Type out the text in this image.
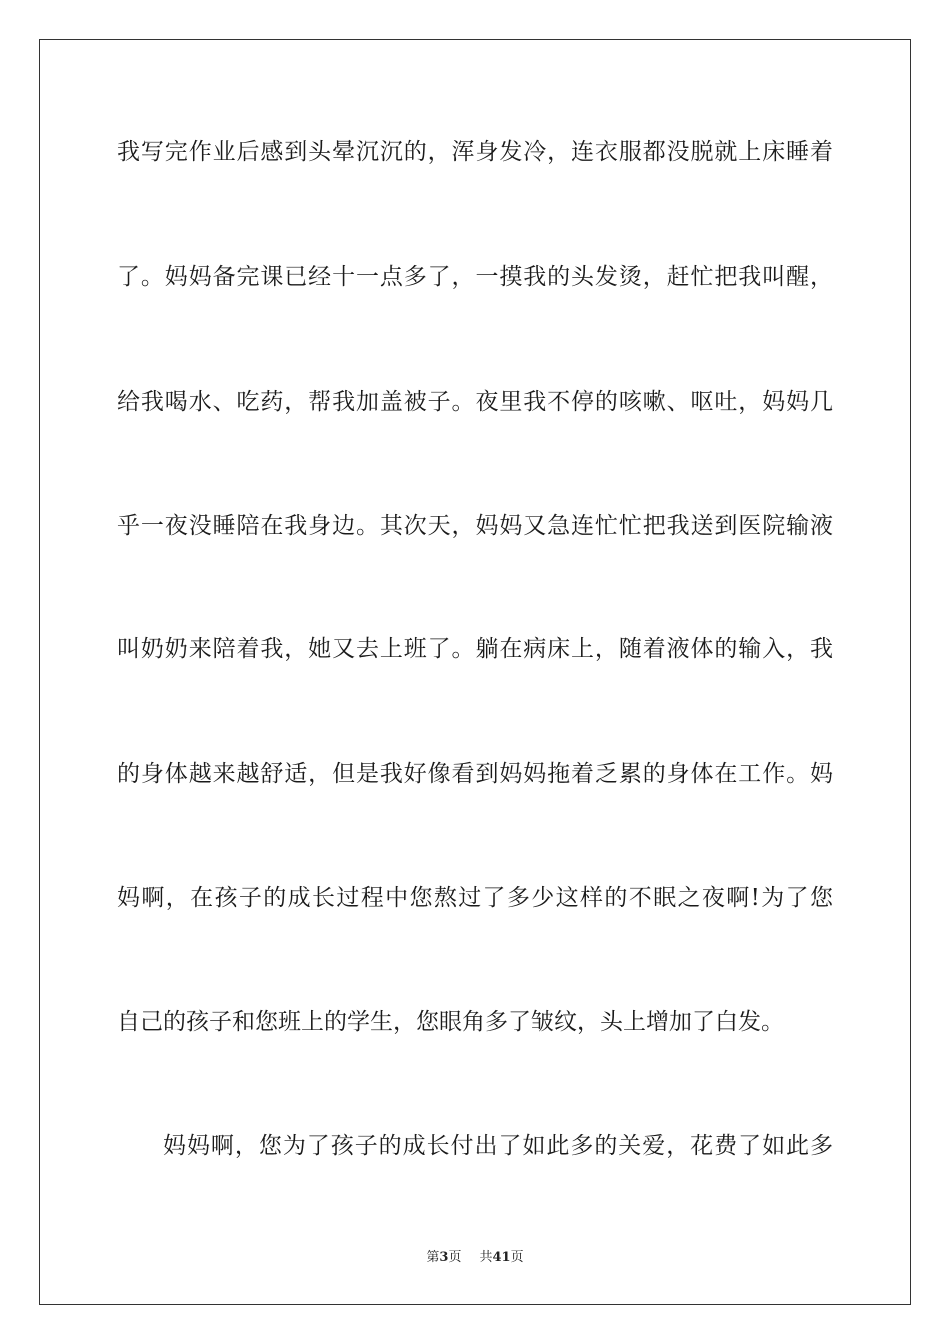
我写完作业后感到头晕沉沉的，浑身发冷，连衣服都没脱就上床睡着
了。妈妈备完课已经十一点多了，一摸我的头发烫，赶忙把我叫醒，
给我喝水、吃药，帮我加盖被子。夜里我不停的咳嗽、呕吐，妈妈几
乎一夜没睡陪在我身边。其次天，妈妈又急连忙忙把我送到医院输液
叫奶奶来陪着我，她又去上班了。躺在病床上，随着液体的输入，我
的身体越来越舒适，但是我好像看到妈妈拖着乏累的身体在工作。妈
妈啊，在孩子的成长过程中您熬过了多少这样的不眠之夜啊!为了您
自己的孩子和您班上的学生，您眼角多了皱纹，头上增加了白发。
妈妈啊，您为了孩子的成长付出了如此多的关爱，花费了如此多
第3页 共41页
